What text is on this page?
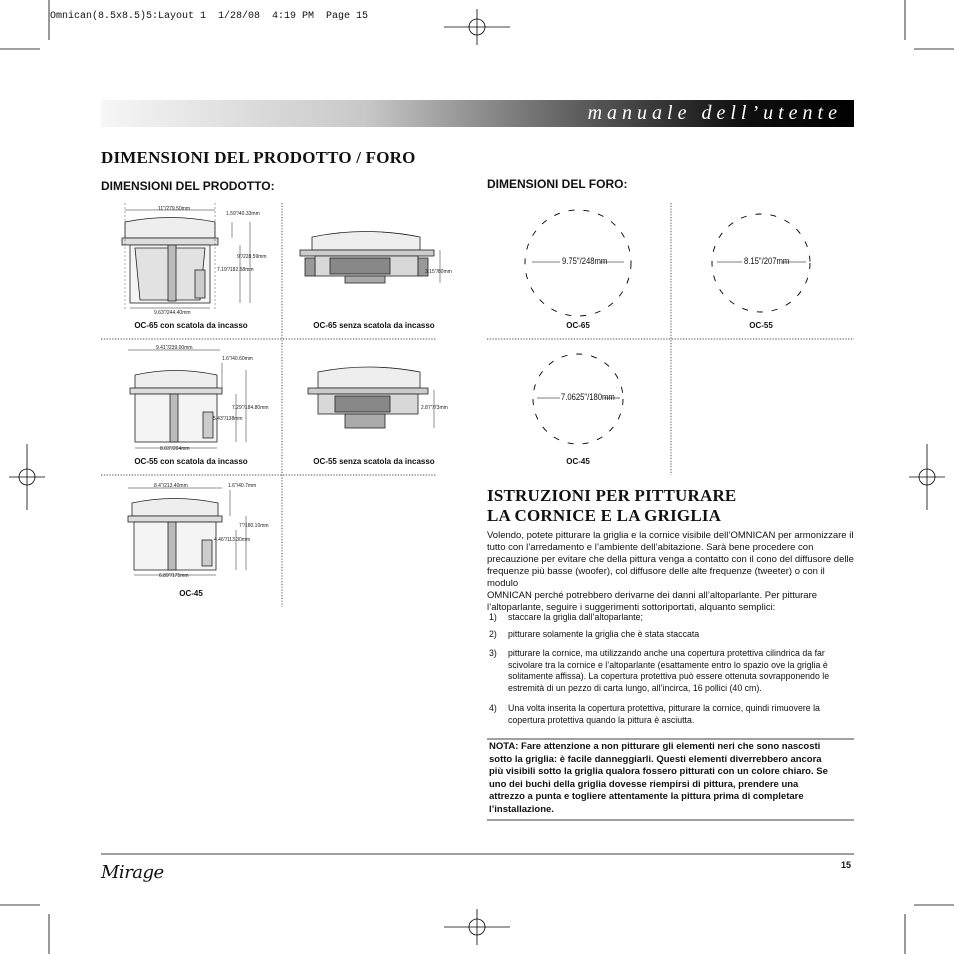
Omnican(8.5x8.5)5:Layout 1  1/28/08  4:19 PM  Page 15
manuale dell’utente
DIMENSIONI DEL PRODOTTO / FORO
DIMENSIONI DEL PRODOTTO:	DIMENSIONI DEL FORO:
11"/279.50mm
1.59"/40.33mm
9"/228.59mm
7.19"/182.58mm
9.63"/244.40mm
3.15"/80mm
9.41"/239.00mm
1.6"/40.60mm
7.29"/184.80mm
5.43"/138mm
8.03"/204mm
2.87"/73mm
8.4"/213.40mm	1.6"/40.7mm
7"/180.10mm
4.46"/113.30mm
6.89"/175mm
OC-65 con scatola da incasso	OC-65 senza scatola da incasso
OC-55 con scatola da incasso	OC-55 senza scatola da incasso
OC-45
9.75"/248mm	8.15"/207mm
7.0625"/180mm
OC-65	OC-55
OC-45
ISTRUZIONI PER PITTURARE
LA CORNICE E LA GRIGLIA
Volendo, potete pitturare la griglia e la cornice visibile dell’OMNICAN per armonizzare il
tutto con l’arredamento e l’ambiente dell’abitazione. Sarà bene procedere con
precauzione per evitare che della pittura venga a contatto con il cono del diffusore delle
frequenze più basse (woofer), col diffusore delle alte frequenze (tweeter) o con il modulo
OMNICAN perché potrebbero derivarne dei danni all’altoparlante. Per pitturare
l’altoparlante, seguire i suggerimenti sottoriportati, alquanto semplici:
1) staccare la griglia dall’altoparlante;
2) pitturare solamente la griglia che è stata staccata
3) pitturare la cornice, ma utilizzando anche una copertura protettiva cilindrica da far
scivolare tra la cornice e l’altoparlante (esattamente entro lo spazio ove la griglia è
solitamente affissa). La copertura protettiva può essere ottenuta sovrapponendo le
estremità di un pezzo di carta lungo, all’incirca, 16 pollici (40 cm).
4) Una volta inserita la copertura protettiva, pitturare la cornice, quindi rimuovere la
copertura protettiva quando la pittura è asciutta.
NOTA: Fare attenzione a non pitturare gli elementi neri che sono nascosti
sotto la griglia: è facile danneggiarli. Questi elementi diverrebbero ancora
più visibili sotto la griglia qualora fossero pitturati con un colore chiaro. Se
uno dei buchi della griglia dovesse riempirsi di pittura, prendere una
attrezzo a punta e togliere attentamente la pittura prima di completare
l’installazione.
Mirage	15
